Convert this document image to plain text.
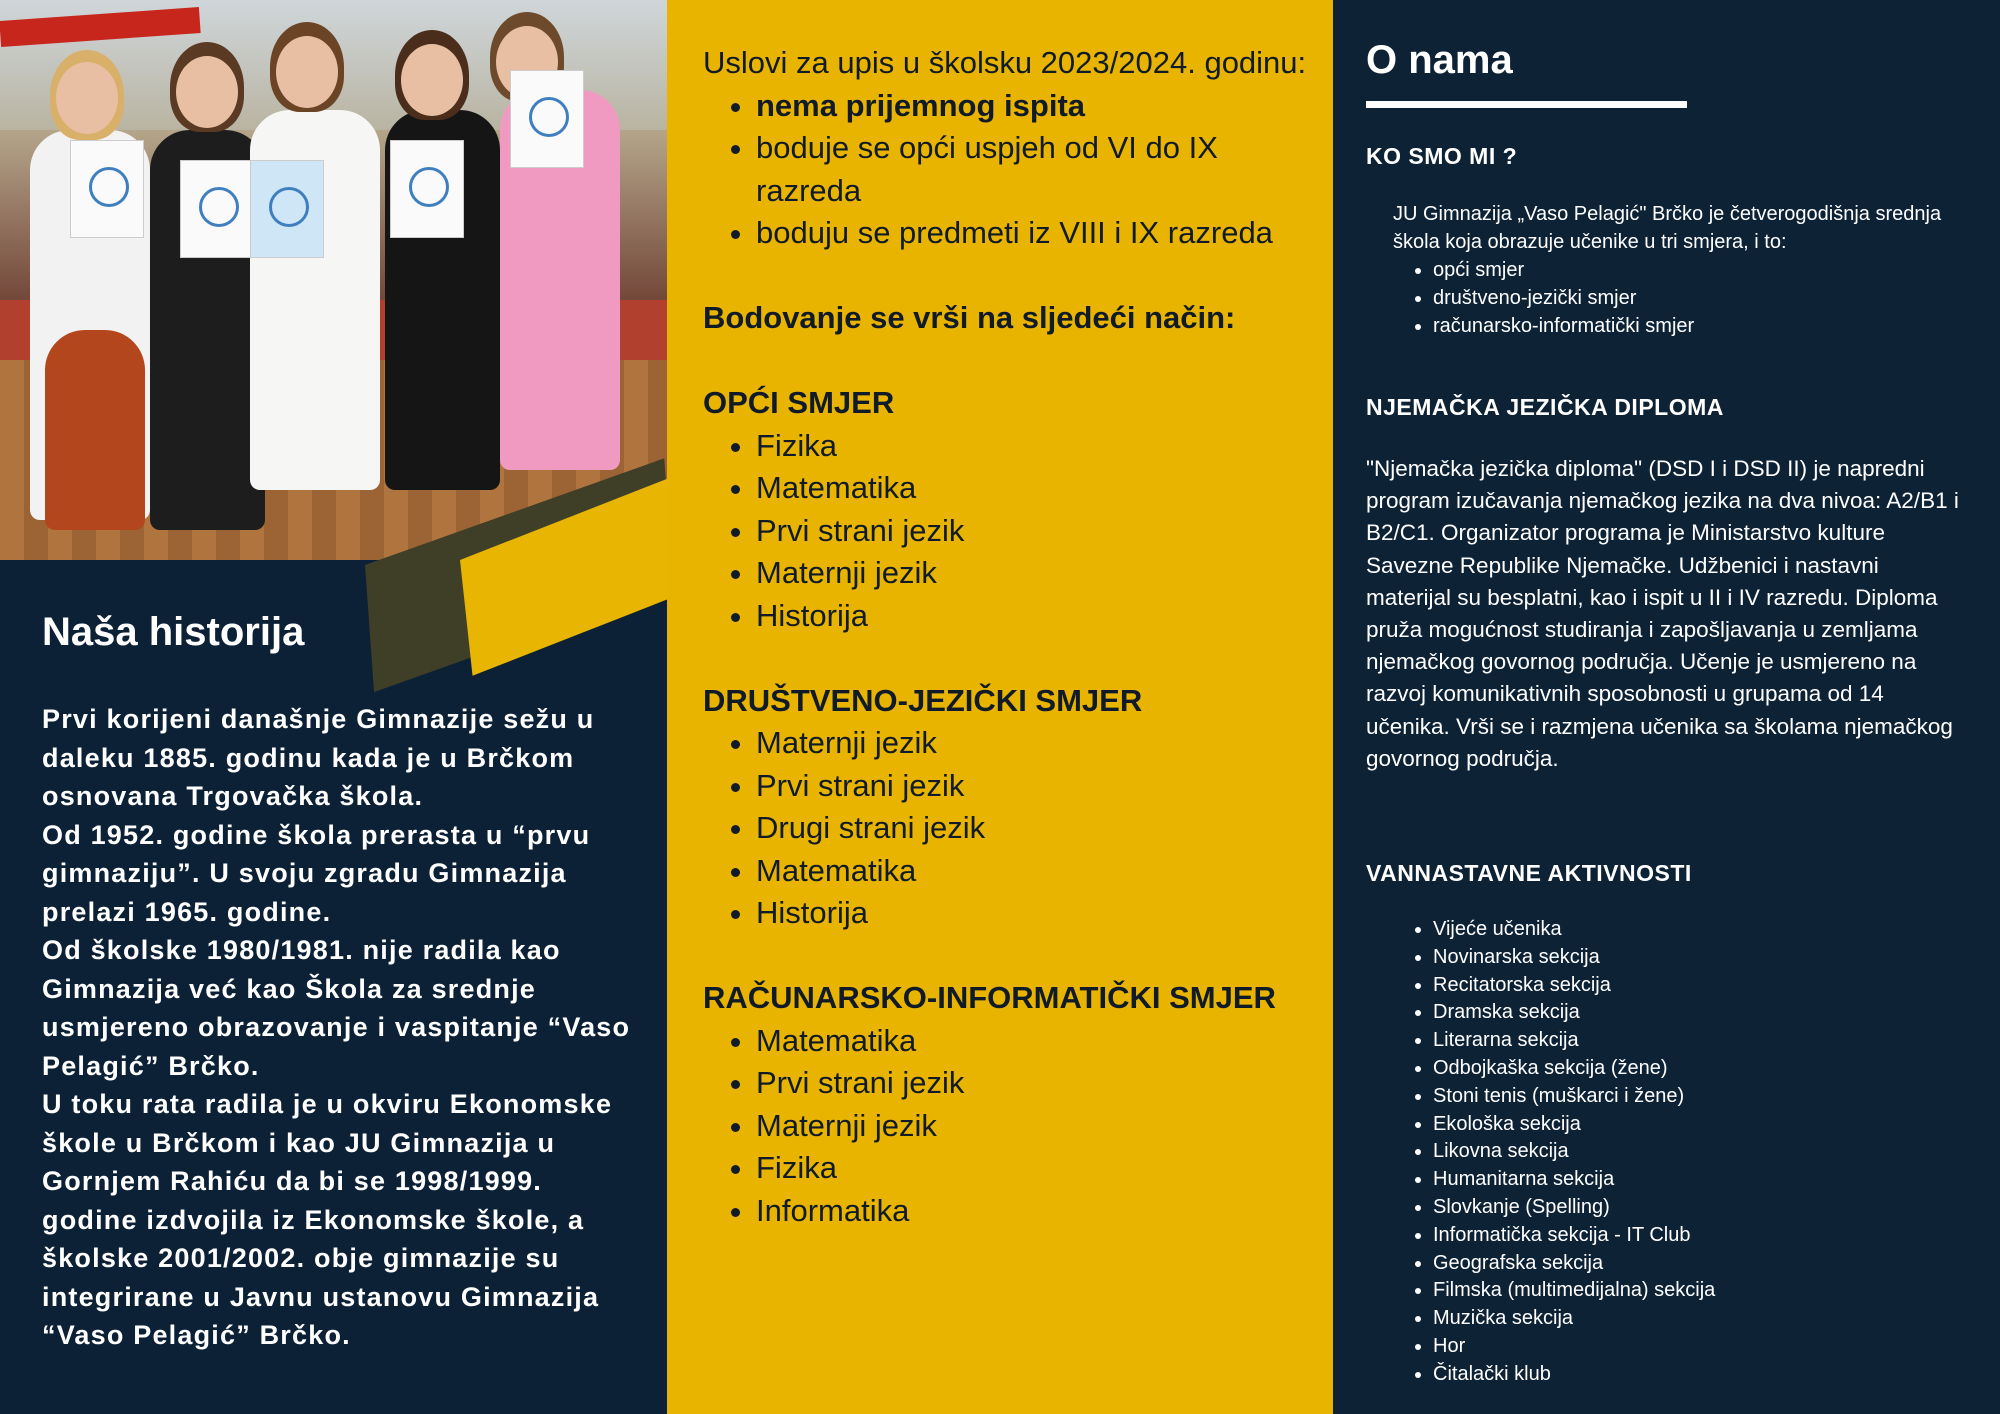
Naša historija
Prvi korijeni današnje Gimnazije sežu u daleku 1885. godinu kada je u Brčkom osnovana Trgovačka škola.
Od 1952. godine škola prerasta u “prvu gimnaziju”. U svoju zgradu Gimnazija prelazi 1965. godine.
Od školske 1980/1981. nije radila kao Gimnazija već kao Škola za srednje usmjereno obrazovanje i vaspitanje “Vaso Pelagić” Brčko.
U toku rata radila je u okviru Ekonomske škole u Brčkom i kao JU Gimnazija u Gornjem Rahiću da bi se 1998/1999. godine izdvojila iz Ekonomske škole, a školske 2001/2002. obje gimnazije su integrirane u Javnu ustanovu Gimnazija “Vaso Pelagić” Brčko.

Uslovi za upis u školsku 2023/2024. godinu:

• nema prijemnog ispita
• boduje se opći uspjeh od VI do IX razreda
• boduju se predmeti iz VIII i IX razreda

Bodovanje se vrši na sljedeći način:

OPĆI SMJER

• Fizika
• Matematika
• Prvi strani jezik
• Maternji jezik
• Historija

DRUŠTVENO-JEZIČKI SMJER

• Maternji jezik
• Prvi strani jezik
• Drugi strani jezik
• Matematika
• Historija

RAČUNARSKO-INFORMATIČKI SMJER

• Matematika
• Prvi strani jezik
• Maternji jezik
• Fizika
• Informatika
O nama
KO SMO MI ?
JU Gimnazija „Vaso Pelagić" Brčko je četverogodišnja srednja škola koja obrazuje učenike u tri smjera, i to:
• opći smjer
• društveno-jezički smjer
• računarsko-informatički smjer
NJEMAČKA JEZIČKA DIPLOMA
"Njemačka jezička diploma" (DSD I i DSD II) je napredni program izučavanja njemačkog jezika na dva nivoa: A2/B1 i B2/C1. Organizator programa je Ministarstvo kulture Savezne Republike Njemačke. Udžbenici i nastavni materijal su besplatni, kao i ispit u II i IV razredu. Diploma pruža mogućnost studiranja i zapošljavanja u zemljama njemačkog govornog područja. Učenje je usmjereno na razvoj komunikativnih sposobnosti u grupama od 14 učenika. Vrši se i razmjena učenika sa školama njemačkog govornog područja.
VANNASTAVNE AKTIVNOSTI
• Vijeće učenika
• Novinarska sekcija
• Recitatorska sekcija
• Dramska sekcija
• Literarna sekcija
• Odbojkaška sekcija (žene)
• Stoni tenis (muškarci i žene)
• Ekološka sekcija
• Likovna sekcija
• Humanitarna sekcija
• Slovkanje (Spelling)
• Informatička sekcija - IT Club
• Geografska sekcija
• Filmska (multimedijalna) sekcija
• Muzička sekcija
• Hor
• Čitalački klub
